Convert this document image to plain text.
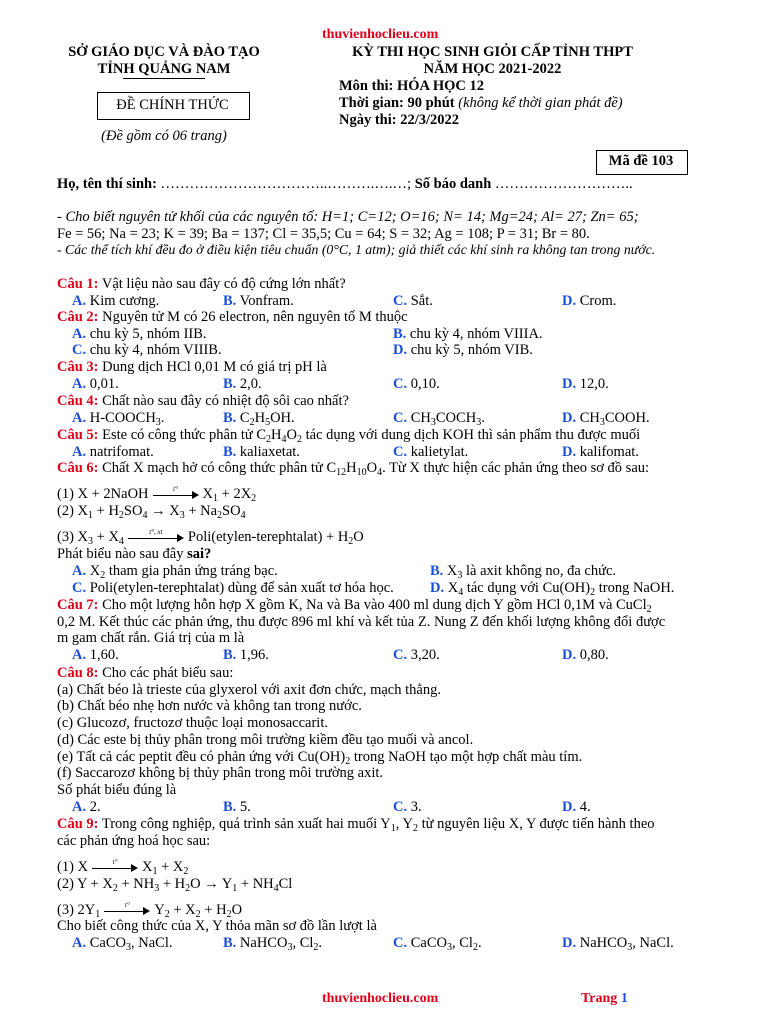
thuvienhoclieu.com
SỞ GIÁO DỤC VÀ ĐÀO TẠO
TỈNH QUẢNG NAM
ĐỀ CHÍNH THỨC
(Đề gồm có 06 trang)
KỲ THI HỌC SINH GIỎI CẤP TỈNH THPT
NĂM HỌC 2021-2022
Môn thi: HÓA HỌC 12
Thời gian: 90 phút (không kể thời gian phát đề)
Ngày thi: 22/3/2022
Mã đề 103
Họ, tên thí sinh: ……………………………..……….….…; Số báo danh ………………………..
- Cho biết nguyên tử khối của các nguyên tố: H=1; C=12; O=16; N= 14; Mg=24; Al= 27; Zn= 65;
Fe = 56; Na = 23; K = 39; Ba = 137; Cl = 35,5; Cu = 64; S = 32; Ag = 108; P = 31; Br = 80.
- Các thể tích khí đều đo ở điều kiện tiêu chuẩn (0°C, 1 atm); giả thiết các khí sinh ra không tan trong nước.
Câu 1: Vật liệu nào sau đây có độ cứng lớn nhất?
A. Kim cương.	B. Vonfram.	C. Sắt.	D. Crom.
Câu 2: Nguyên tử M có 26 electron, nên nguyên tố M thuộc
A. chu kỳ 5, nhóm IIB.	B. chu kỳ 4, nhóm VIIIA.
C. chu kỳ 4, nhóm VIIIB.	D. chu kỳ 5, nhóm VIB.
Câu 3: Dung dịch HCl 0,01 M có giá trị pH là
A. 0,01.	B. 2,0.	C. 0,10.	D. 12,0.
Câu 4: Chất nào sau đây có nhiệt độ sôi cao nhất?
A. $H-COOCH_3$.	B. $C_2H_5OH$.	C. $CH_3COCH_3$.	D. $CH_3COOH$.
Câu 5: Este có công thức phân tử $C_2H_4O_2$ tác dụng với dung dịch KOH thì sản phẩm thu được muối
A. natrifomat.	B. kaliaxetat.	C. kalietylat.	D. kalifomat.
Câu 6: Chất X mạch hở có công thức phân tử $C_{12}H_{10}O_4$. Từ X thực hiện các phản ứng theo sơ đồ sau:
(1) X + 2NaOH	t°	$X_1 + 2X_2$
(2) $X_1 + H_2SO_4 \to X_3 + Na_2SO_4$
(3) $X_3 + X_4$
t°, xt	Poli(etylen-terephtalat) + $H_2O$
Phát biểu nào sau đây sai?
A. $X_2$ tham gia phản ứng tráng bạc.	B. $X_3$ là axit không no, đa chức.
C. Poli(etylen-terephtalat) dùng để sản xuất tơ hóa học. D. $X_4$ tác dụng với $Cu(OH)_2$ trong NaOH.
Câu 7: Cho một lượng hỗn hợp X gồm K, Na và Ba vào 400 ml dung dịch Y gồm HCl 0,1M và CuCl$_2$
0,2 M. Kết thúc các phản ứng, thu được 896 ml khí và kết tủa Z. Nung Z đến khối lượng không đổi được
m gam chất rắn. Giá trị của m là
A. 1,60.	B. 1,96.	C. 3,20.	D. 0,80.
Câu 8: Cho các phát biểu sau:
(a) Chất béo là trieste của glyxerol với axit đơn chức, mạch thẳng.
(b) Chất béo nhẹ hơn nước và không tan trong nước.
(c) Glucozơ, fructozơ thuộc loại monosaccarit.
(d) Các este bị thủy phân trong môi trường kiềm đều tạo muối và ancol.
(e) Tất cả các peptit đều có phản ứng với $Cu(OH)_2$ trong NaOH tạo một hợp chất màu tím.
(f) Saccarozơ không bị thủy phân trong môi trường axit.
Số phát biểu đúng là
A. 2.	B. 5.	C. 3.	D. 4.
Câu 9: Trong công nghiệp, quá trình sản xuất hai muối $Y_1$, $Y_2$ từ nguyên liệu X, Y được tiến hành theo
các phản ứng hoá học sau:
(1) X	t°	$X_1 + X_2$
(2) $Y + X_2 + NH_3 + H_2O \to Y_1 + NH_4Cl$
(3) $2Y_1$
t°	$Y_2 + X_2 + H_2O$
Cho biết công thức của X, Y thỏa mãn sơ đồ lần lượt là
A. CaCO$_3$, NaCl.	B. NaHCO$_3$, $Cl_2$.	C. CaCO$_3$, $Cl_2$.	D. NaHCO$_3$, NaCl.
thuvienhoclieu.com	Trang 1
